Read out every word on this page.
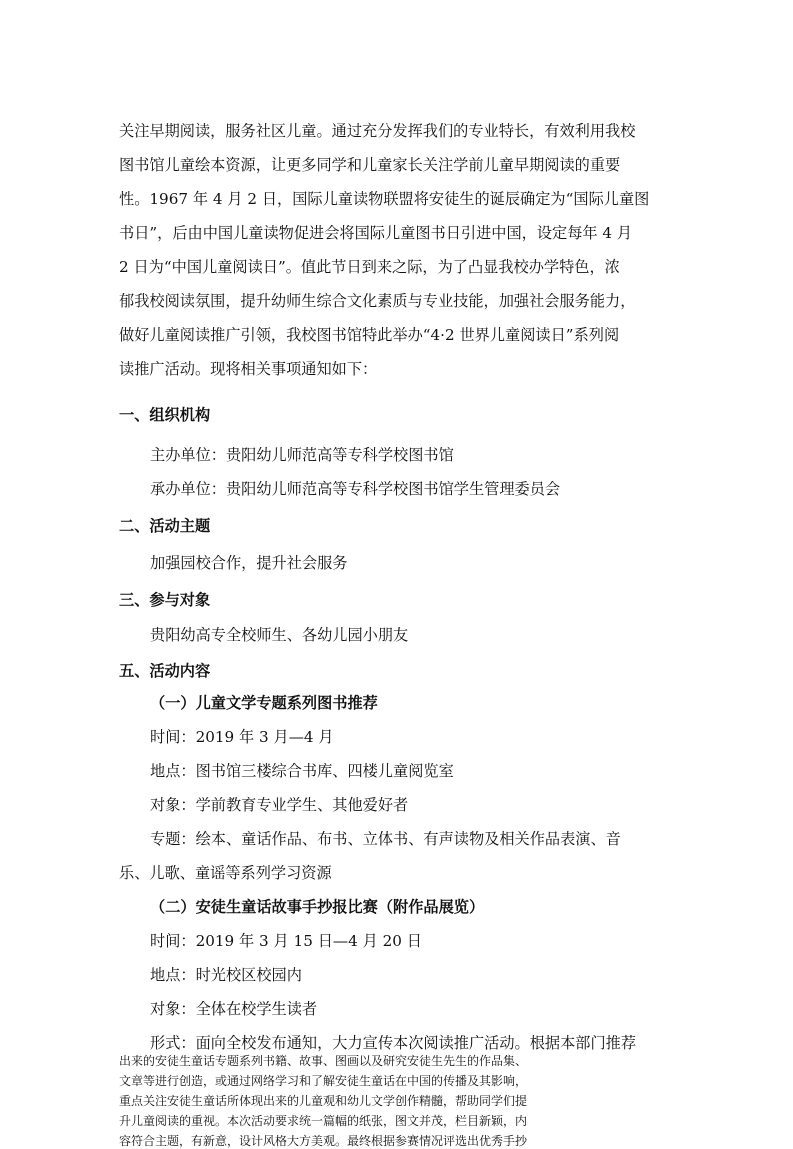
关注早期阅读，服务社区儿童。通过充分发挥我们的专业特长，有效利用我校
图书馆儿童绘本资源，让更多同学和儿童家长关注学前儿童早期阅读的重要
性。1967 年 4 月 2 日，国际儿童读物联盟将安徒生的诞辰确定为“国际儿童图
书日”，后由中国儿童读物促进会将国际儿童图书日引进中国，设定每年 4 月
2 日为“中国儿童阅读日”。值此节日到来之际，为了凸显我校办学特色，浓
郁我校阅读氛围，提升幼师生综合文化素质与专业技能，加强社会服务能力，
做好儿童阅读推广引领，我校图书馆特此举办“4·2 世界儿童阅读日”系列阅
读推广活动。现将相关事项通知如下：
一、组织机构
主办单位：贵阳幼儿师范高等专科学校图书馆
承办单位：贵阳幼儿师范高等专科学校图书馆学生管理委员会
二、活动主题
加强园校合作，提升社会服务
三、参与对象
贵阳幼高专全校师生、各幼儿园小朋友
五、活动内容
（一）儿童文学专题系列图书推荐
时间：2019 年 3 月—4 月
地点：图书馆三楼综合书库、四楼儿童阅览室
对象：学前教育专业学生、其他爱好者
专题：绘本、童话作品、布书、立体书、有声读物及相关作品表演、音
乐、儿歌、童谣等系列学习资源
（二）安徒生童话故事手抄报比赛（附作品展览）
时间：2019 年 3 月 15 日—4 月 20 日
地点：时光校区校园内
对象：全体在校学生读者
形式：面向全校发布通知，大力宣传本次阅读推广活动。根据本部门推荐
出来的安徒生童话专题系列书籍、故事、图画以及研究安徒生先生的作品集、
文章等进行创造，或通过网络学习和了解安徒生童话在中国的传播及其影响，
重点关注安徒生童话所体现出来的儿童观和幼儿文学创作精髓，帮助同学们提
升儿童阅读的重视。本次活动要求统一篇幅的纸张，图文并茂，栏目新颖，内
容符合主题，有新意，设计风格大方美观。最终根据参赛情况评选出优秀手抄
